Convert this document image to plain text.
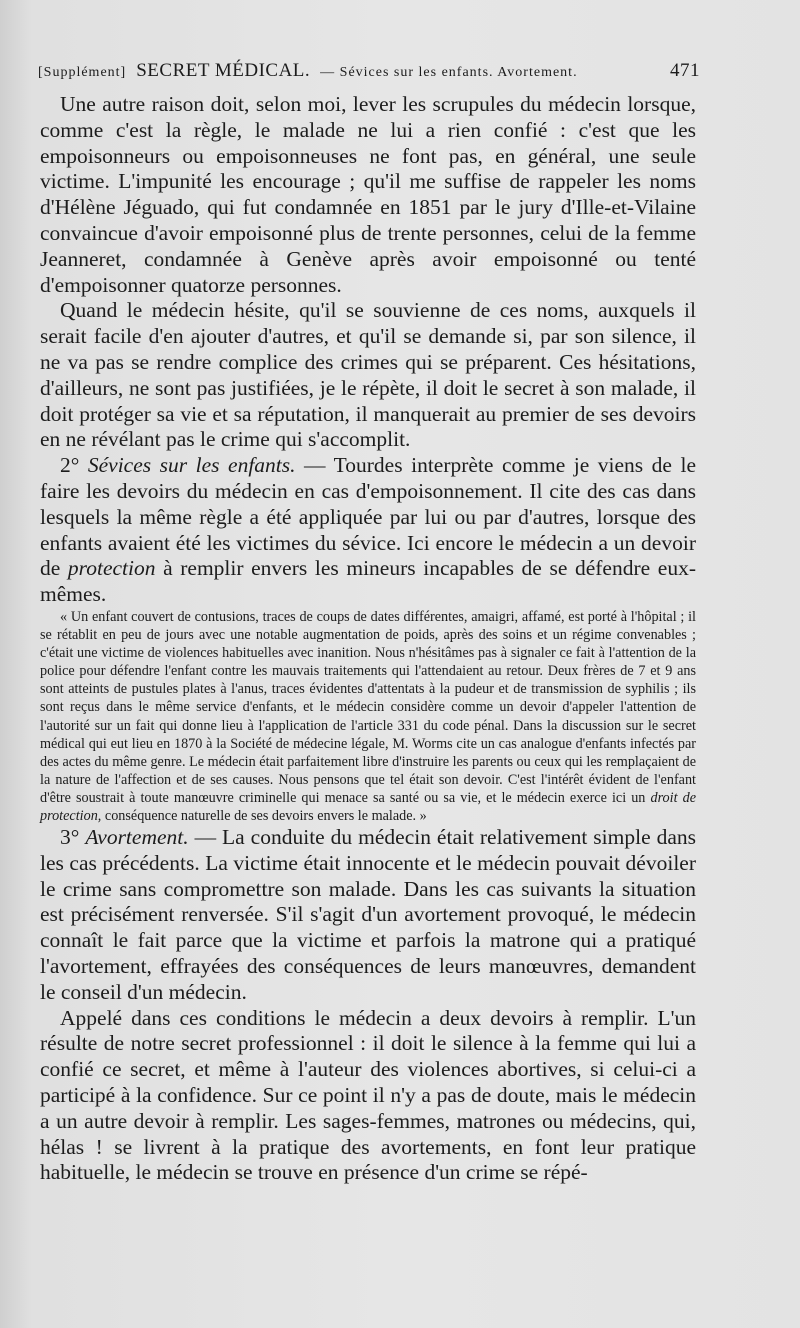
[Supplément] SECRET MÉDICAL. — Sévices sur les enfants. Avortement.	471

Une autre raison doit, selon moi, lever les scrupules du médecin lorsque, comme c'est la règle, le malade ne lui a rien confié : c'est que les empoisonneurs ou empoisonneuses ne font pas, en général, une seule victime. L'impunité les encourage ; qu'il me suffise de rappeler les noms d'Hélène Jéguado, qui fut condamnée en 1851 par le jury d'Ille-et-Vilaine convaincue d'avoir empoisonné plus de trente personnes, celui de la femme Jeanneret, condamnée à Genève après avoir empoisonné ou tenté d'empoisonner quatorze personnes.

Quand le médecin hésite, qu'il se souvienne de ces noms, auxquels il serait facile d'en ajouter d'autres, et qu'il se demande si, par son silence, il ne va pas se rendre complice des crimes qui se préparent. Ces hésitations, d'ailleurs, ne sont pas justifiées, je le répète, il doit le secret à son malade, il doit protéger sa vie et sa réputation, il manquerait au premier de ses devoirs en ne révélant pas le crime qui s'accomplit.

2° Sévices sur les enfants. — Tourdes interprète comme je viens de le faire les devoirs du médecin en cas d'empoisonnement. Il cite des cas dans lesquels la même règle a été appliquée par lui ou par d'autres, lorsque des enfants avaient été les victimes du sévice. Ici encore le médecin a un devoir de protection à remplir envers les mineurs incapables de se défendre eux-mêmes.

« Un enfant couvert de contusions, traces de coups de dates différentes, amaigri, affamé, est porté à l'hôpital ; il se rétablit en peu de jours avec une notable augmentation de poids, après des soins et un régime convenables ; c'était une victime de violences habituelles avec inanition. Nous n'hésitâmes pas à signaler ce fait à l'attention de la police pour défendre l'enfant contre les mauvais traitements qui l'attendaient au retour. Deux frères de 7 et 9 ans sont atteints de pustules plates à l'anus, traces évidentes d'attentats à la pudeur et de transmission de syphilis ; ils sont reçus dans le même service d'enfants, et le médecin considère comme un devoir d'appeler l'attention de l'autorité sur un fait qui donne lieu à l'application de l'article 331 du code pénal. Dans la discussion sur le secret médical qui eut lieu en 1870 à la Société de médecine légale, M. Worms cite un cas analogue d'enfants infectés par des actes du même genre. Le médecin était parfaitement libre d'instruire les parents ou ceux qui les remplaçaient de la nature de l'affection et de ses causes. Nous pensons que tel était son devoir. C'est l'intérêt évident de l'enfant d'être soustrait à toute manœuvre criminelle qui menace sa santé ou sa vie, et le médecin exerce ici un droit de protection, conséquence naturelle de ses devoirs envers le malade. »

3° Avortement. — La conduite du médecin était relativement simple dans les cas précédents. La victime était innocente et le médecin pouvait dévoiler le crime sans compromettre son malade. Dans les cas suivants la situation est précisément renversée. S'il s'agit d'un avortement provoqué, le médecin connaît le fait parce que la victime et parfois la matrone qui a pratiqué l'avortement, effrayées des conséquences de leurs manœuvres, demandent le conseil d'un médecin.

Appelé dans ces conditions le médecin a deux devoirs à remplir. L'un résulte de notre secret professionnel : il doit le silence à la femme qui lui a confié ce secret, et même à l'auteur des violences abortives, si celui-ci a participé à la confidence. Sur ce point il n'y a pas de doute, mais le médecin a un autre devoir à remplir. Les sages-femmes, matrones ou médecins, qui, hélas ! se livrent à la pratique des avortements, en font leur pratique habituelle, le médecin se trouve en présence d'un crime se répé-
